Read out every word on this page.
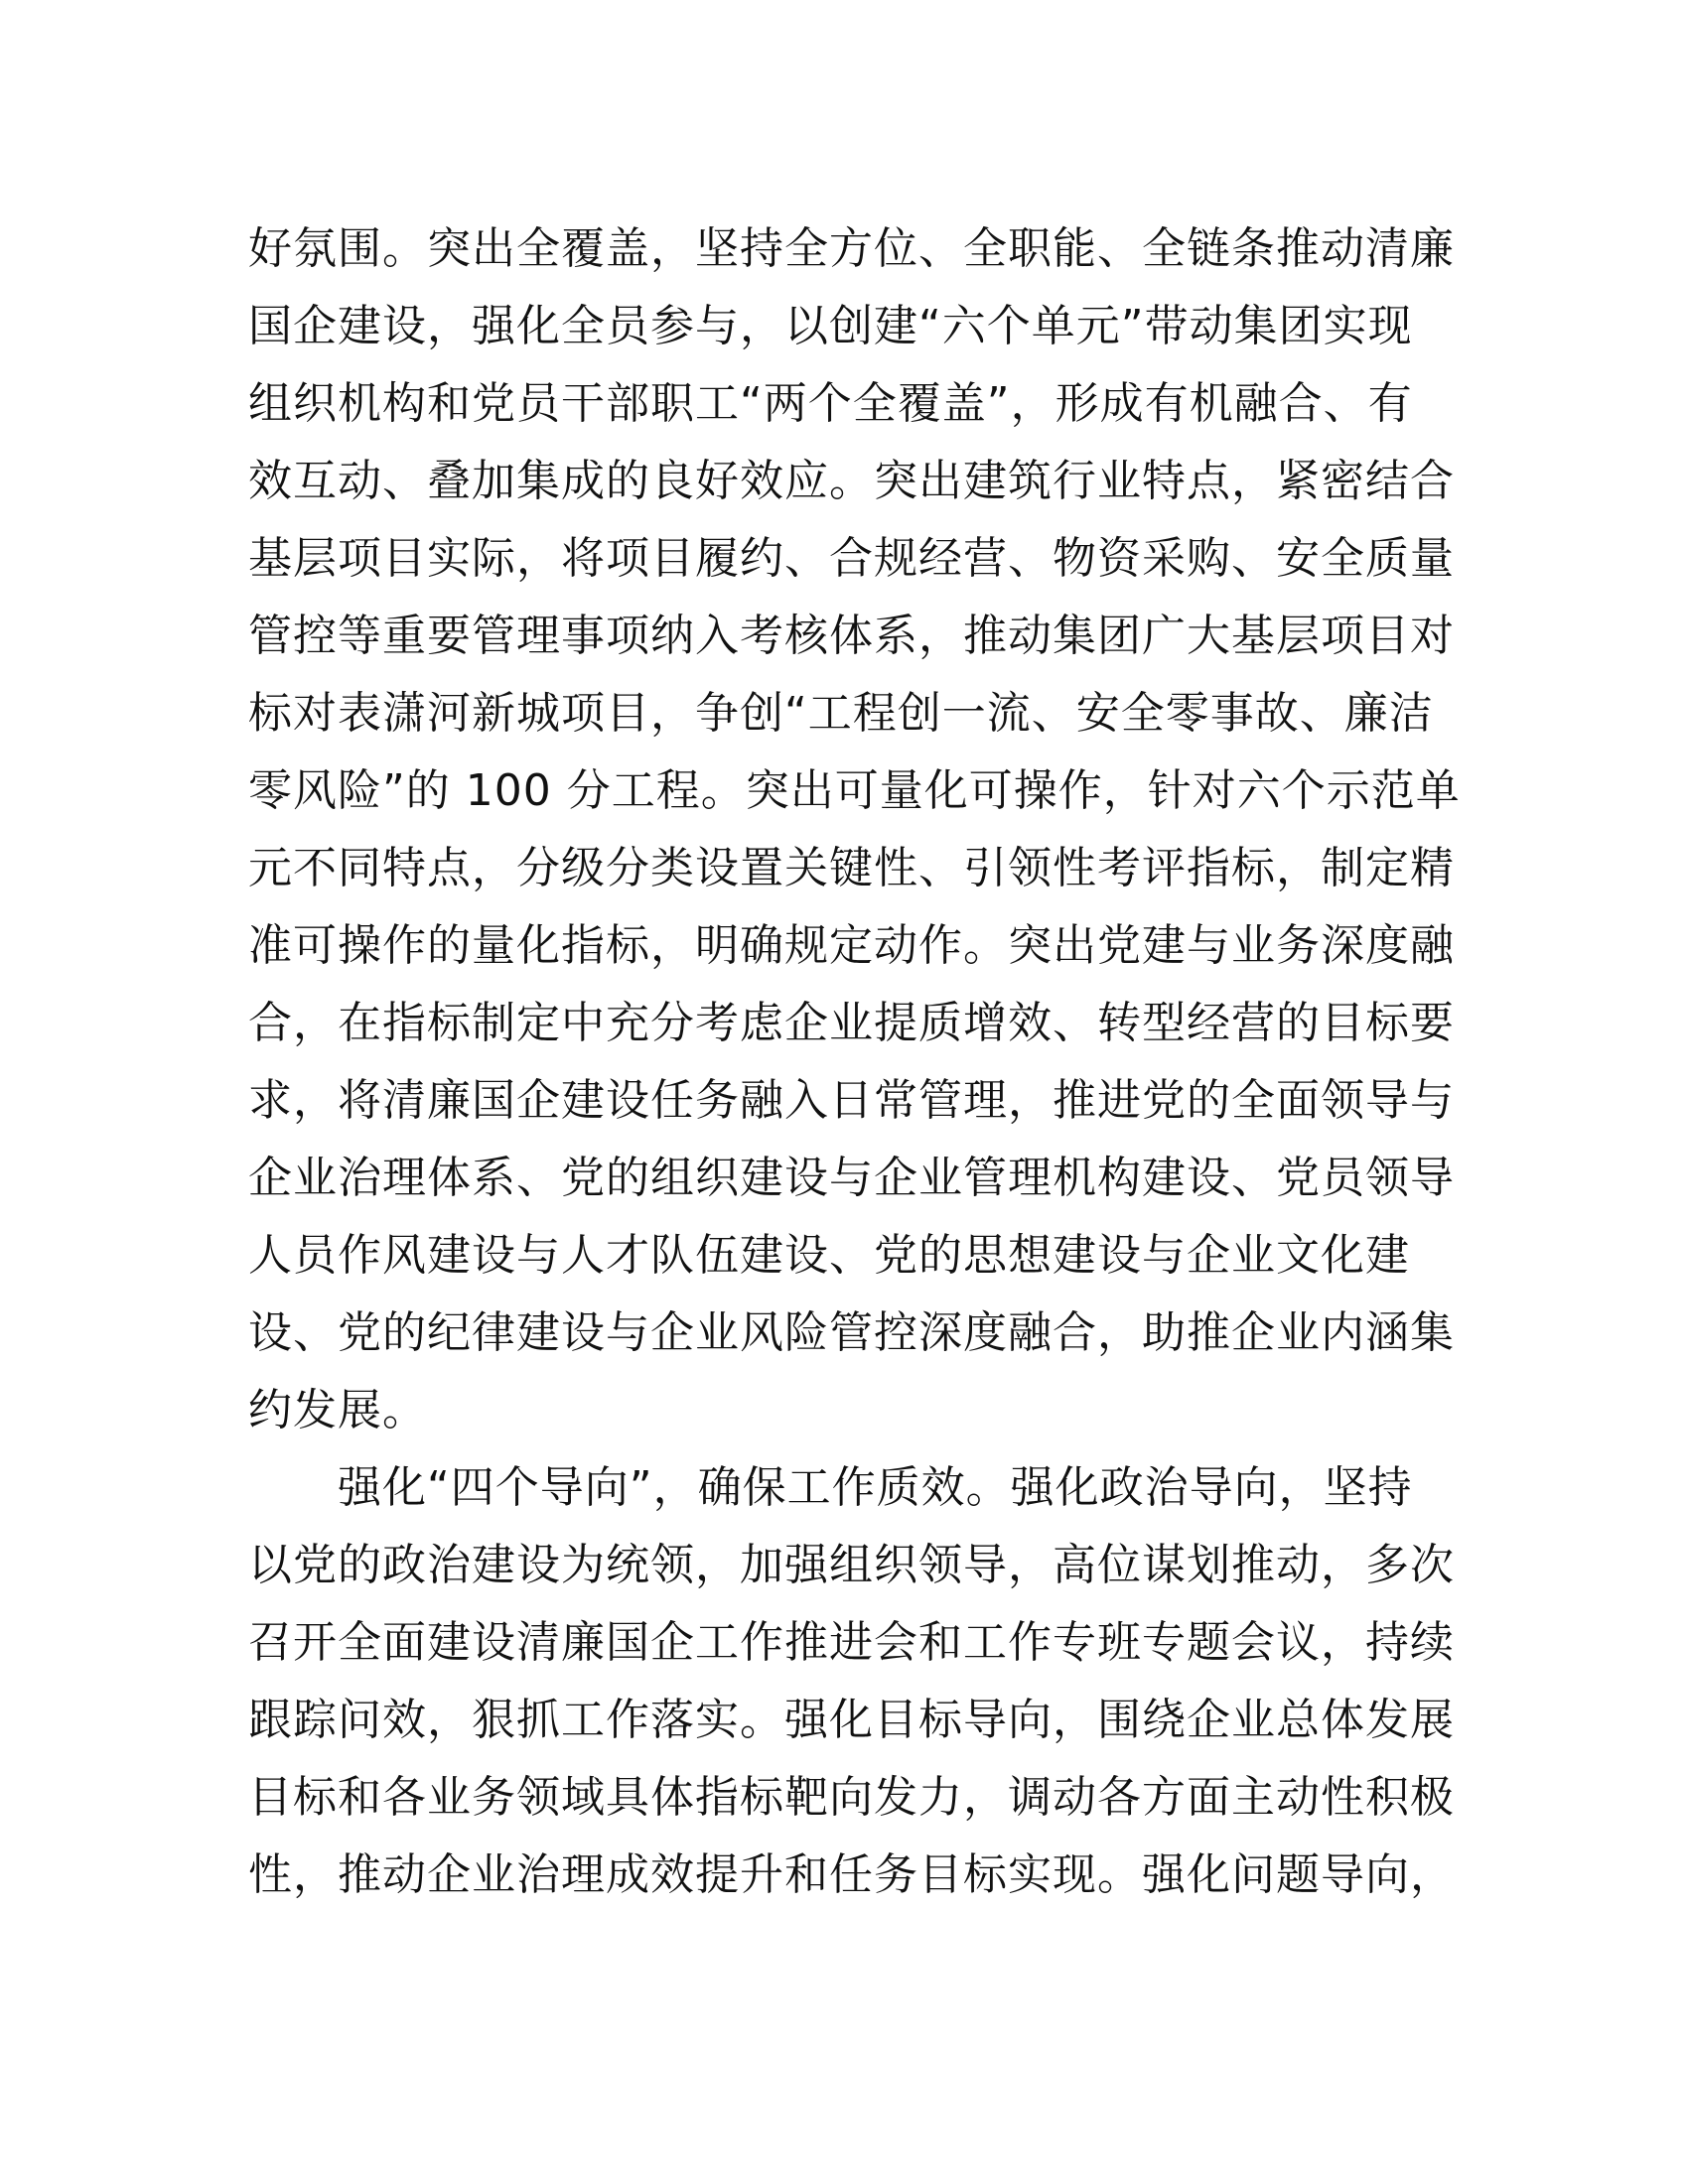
好氛围。突出全覆盖，坚持全方位、全职能、全链条推动清廉
国企建设，强化全员参与，以创建“六个单元”带动集团实现
组织机构和党员干部职工“两个全覆盖”，形成有机融合、有
效互动、叠加集成的良好效应。突出建筑行业特点，紧密结合
基层项目实际，将项目履约、合规经营、物资采购、安全质量
管控等重要管理事项纳入考核体系，推动集团广大基层项目对
标对表潇河新城项目，争创“工程创一流、安全零事故、廉洁
零风险”的 100 分工程。突出可量化可操作，针对六个示范单
元不同特点，分级分类设置关键性、引领性考评指标，制定精
准可操作的量化指标，明确规定动作。突出党建与业务深度融
合，在指标制定中充分考虑企业提质增效、转型经营的目标要
求，将清廉国企建设任务融入日常管理，推进党的全面领导与
企业治理体系、党的组织建设与企业管理机构建设、党员领导
人员作风建设与人才队伍建设、党的思想建设与企业文化建
设、党的纪律建设与企业风险管控深度融合，助推企业内涵集
约发展。
　　强化“四个导向”，确保工作质效。强化政治导向，坚持
以党的政治建设为统领，加强组织领导，高位谋划推动，多次
召开全面建设清廉国企工作推进会和工作专班专题会议，持续
跟踪问效，狠抓工作落实。强化目标导向，围绕企业总体发展
目标和各业务领域具体指标靶向发力，调动各方面主动性积极
性，推动企业治理成效提升和任务目标实现。强化问题导向，
